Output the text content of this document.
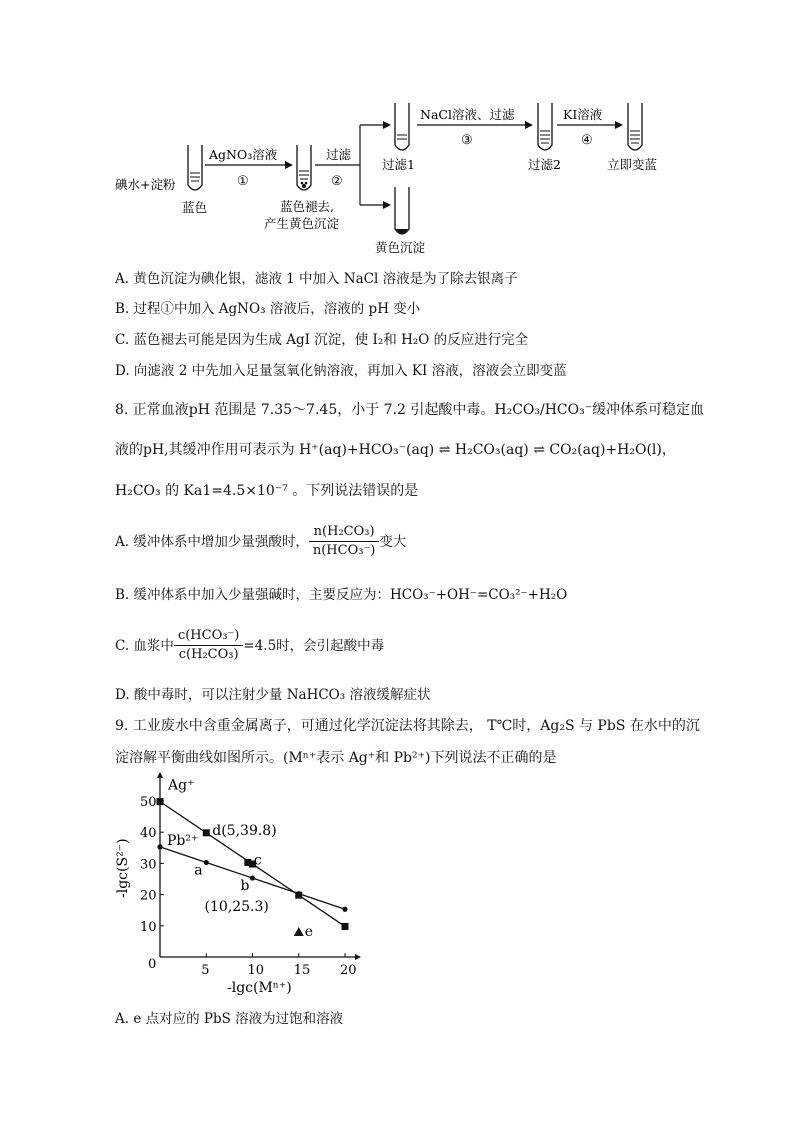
碘水+淀粉
AgNO₃溶液
①
蓝色	蓝色褪去,
产生黄色沉淀
过滤
②
过滤1
黄色沉淀
NaCl溶液、过滤
③
过滤2
KI溶液
④
立即变蓝
A. 黄色沉淀为碘化银，滤液 1 中加入 NaCl 溶液是为了除去银离子
B. 过程①中加入 AgNO₃ 溶液后，溶液的 pH 变小
C. 蓝色褪去可能是因为生成 AgI 沉淀，使 I₂和 H₂O 的反应进行完全
D. 向滤液 2 中先加入足量氢氧化钠溶液，再加入 KI 溶液，溶液会立即变蓝
8. 正常血液pH 范围是 7.35～7.45，小于 7.2 引起酸中毒。H₂CO₃/HCO₃⁻缓冲体系可稳定血
液的pH,其缓冲作用可表示为 H⁺(aq)+HCO₃⁻(aq) ⇌ H₂CO₃(aq) ⇌ CO₂(aq)+H₂O(l)，
H₂CO₃ 的 Ka1=4.5×10⁻⁷ 。下列说法错误的是
A. 缓冲体系中增加少量强酸时， $\frac{\text{n(H₂CO₃)}}{\text{n(HCO₃⁻)}}$ 变大
B. 缓冲体系中加入少量强碱时，主要反应为：HCO₃⁻+OH⁻=CO₃²⁻+H₂O
C. 血浆中 $\frac{\text{c(HCO₃⁻)}}{\text{c(H₂CO₃)}} =4.5$时，会引起酸中毒
D. 酸中毒时，可以注射少量 NaHCO₃ 溶液缓解症状
9. 工业废水中含重金属离子，可通过化学沉淀法将其除去， T℃时，Ag₂S 与 PbS 在水中的沉
淀溶解平衡曲线如图所示。(Mⁿ⁺表示 Ag⁺和 Pb²⁺)下列说法不正确的是
5	10 15 20
10
20
30
40
50
Ag⁺
Pb²⁺
d(5,39.8)
a
b
(10,25.3)
c
e
-lgc(S²⁻)
-lgc(Mⁿ⁺)
0
A. e 点对应的 PbS 溶液为过饱和溶液
